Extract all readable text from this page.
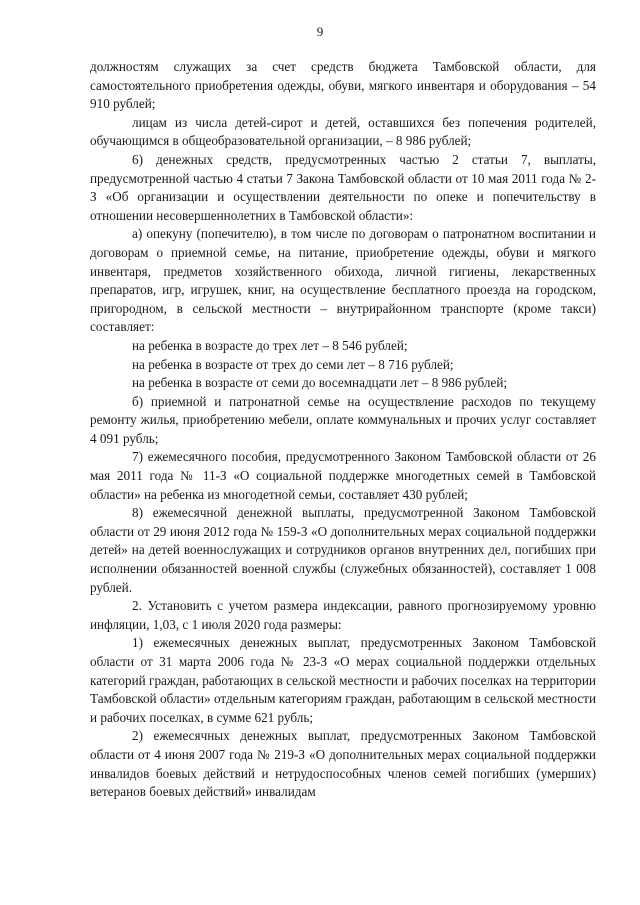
9

должностям служащих за счет средств бюджета Тамбовской области, для самостоятельного приобретения одежды, обуви, мягкого инвентаря и оборудования – 54 910 рублей;

лицам из числа детей-сирот и детей, оставшихся без попечения родителей, обучающимся в общеобразовательной организации, – 8 986 рублей;

6) денежных средств, предусмотренных частью 2 статьи 7, выплаты, предусмотренной частью 4 статьи 7 Закона Тамбовской области от 10 мая 2011 года № 2-З «Об организации и осуществлении деятельности по опеке и попечительству в отношении несовершеннолетних в Тамбовской области»:

а) опекуну (попечителю), в том числе по договорам о патронатном воспитании и договорам о приемной семье, на питание, приобретение одежды, обуви и мягкого инвентаря, предметов хозяйственного обихода, личной гигиены, лекарственных препаратов, игр, игрушек, книг, на осуществление бесплатного проезда на городском, пригородном, в сельской местности – внутрирайонном транспорте (кроме такси) составляет:

на ребенка в возрасте до трех лет – 8 546 рублей;

на ребенка в возрасте от трех до семи лет – 8 716 рублей;

на ребенка в возрасте от семи до восемнадцати лет – 8 986 рублей;

б) приемной и патронатной семье на осуществление расходов по текущему ремонту жилья, приобретению мебели, оплате коммунальных и прочих услуг составляет 4 091 рубль;

7) ежемесячного пособия, предусмотренного Законом Тамбовской области от 26 мая 2011 года № 11-З «О социальной поддержке многодетных семей в Тамбовской области» на ребенка из многодетной семьи, составляет 430 рублей;

8) ежемесячной денежной выплаты, предусмотренной Законом Тамбовской области от 29 июня 2012 года № 159-З «О дополнительных мерах социальной поддержки детей» на детей военнослужащих и сотрудников органов внутренних дел, погибших при исполнении обязанностей военной службы (служебных обязанностей), составляет 1 008 рублей.

2. Установить с учетом размера индексации, равного прогнозируемому уровню инфляции, 1,03, с 1 июля 2020 года размеры:

1) ежемесячных денежных выплат, предусмотренных Законом Тамбовской области от 31 марта 2006 года № 23-З «О мерах социальной поддержки отдельных категорий граждан, работающих в сельской местности и рабочих поселках на территории Тамбовской области» отдельным категориям граждан, работающим в сельской местности и рабочих поселках, в сумме 621 рубль;

2) ежемесячных денежных выплат, предусмотренных Законом Тамбовской области от 4 июня 2007 года № 219-З «О дополнительных мерах социальной поддержки инвалидов боевых действий и нетрудоспособных членов семей погибших (умерших) ветеранов боевых действий» инвалидам
